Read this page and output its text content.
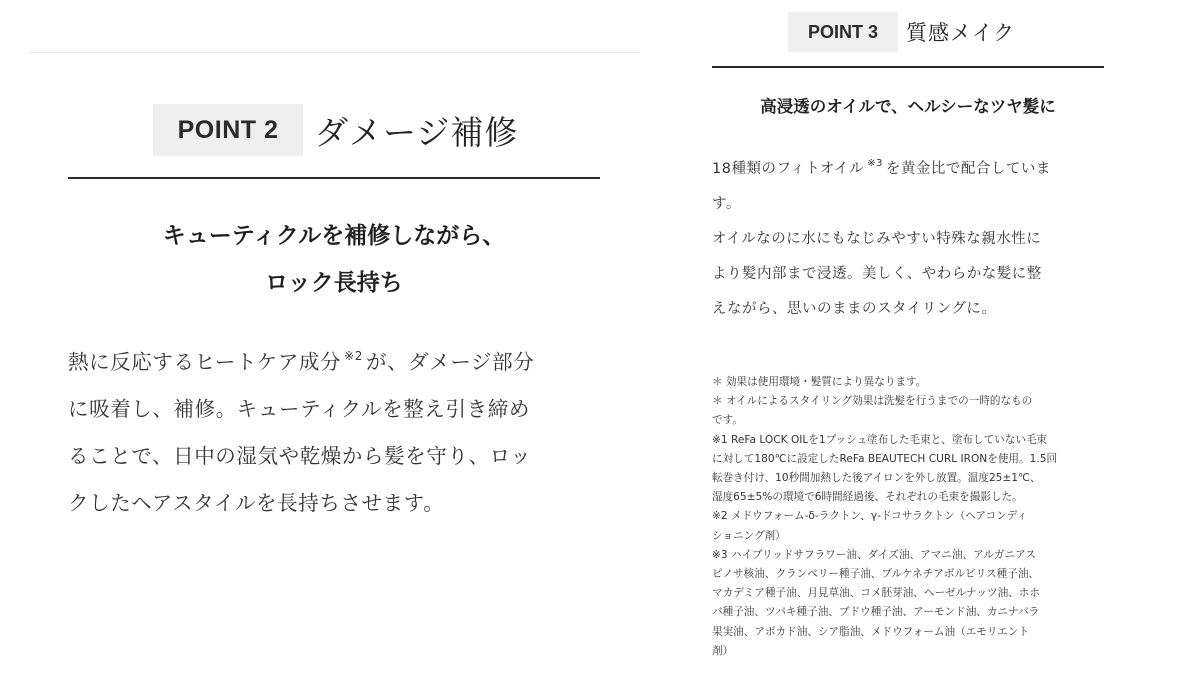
POINT 2	ダメージ補修
キューティクルを補修しながら、
ロック長持ち
熱に反応するヒートケア成分 $^{※2}$ が、ダメージ部分
に吸着し、補修。キューティクルを整え引き締め
ることで、日中の湿気や乾燥から髪を守り、ロッ
クしたヘアスタイルを長持ちさせます。
POINT 3	質感メイク
高浸透のオイルで、ヘルシーなツヤ髪に
18種類のフィトオイル $^{※3}$ を黄金比で配合していま
す。
オイルなのに水にもなじみやすい特殊な親水性に
より髪内部まで浸透。美しく、やわらかな髪に整
えながら、思いのままのスタイリングに。
＊ 効果は使用環境・髪質により異なります。
＊ オイルによるスタイリング効果は洗髪を行うまでの一時的なもの
です。
※1 ReFa LOCK OILを1プッシュ塗布した毛束と、塗布していない毛束
に対して180℃に設定したReFa BEAUTECH CURL IRONを使用。1.5回
転巻き付け、10秒間加熱した後アイロンを外し放置。温度25±1℃、
湿度65±5%の環境で6時間経過後、それぞれの毛束を撮影した。
※2 メドウフォーム-δ-ラクトン、γ-ドコサラクトン（ヘアコンディ
ショニング剤）
※3 ハイブリッドサフラワー油、ダイズ油、アマニ油、アルガニアス
ピノサ核油、クランベリー種子油、プルケネチアボルビリス種子油、
マカデミア種子油、月見草油、コメ胚芽油、ヘーゼルナッツ油、ホホ
バ種子油、ツバキ種子油、ブドウ種子油、アーモンド油、カニナバラ
果実油、アボカド油、シア脂油、メドウフォーム油（エモリエント
剤）
